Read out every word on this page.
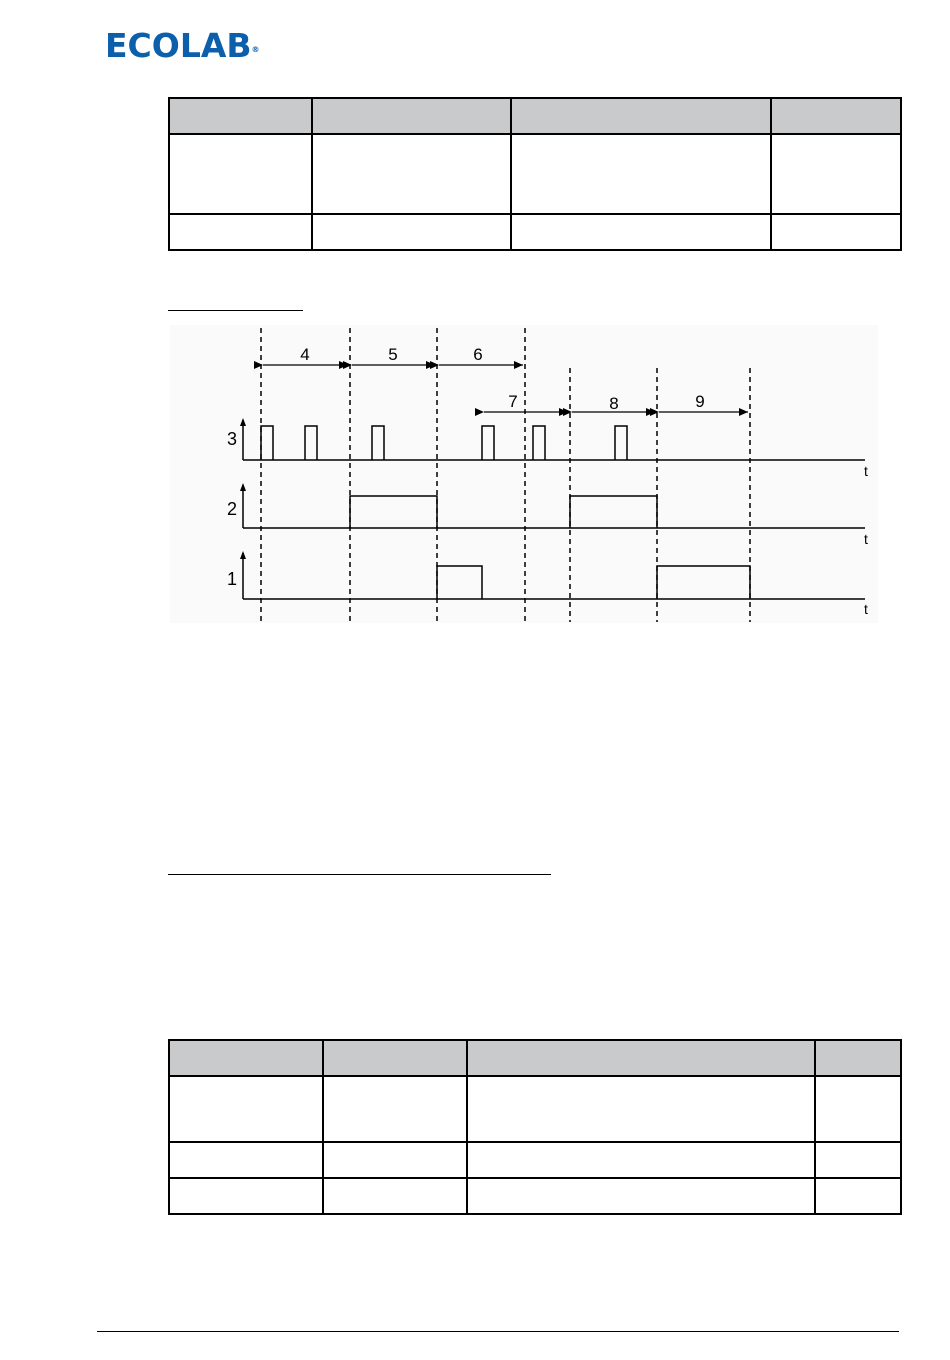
ECOLAB®

4	5	6
7	8	9
3
2
1
t
t
t
